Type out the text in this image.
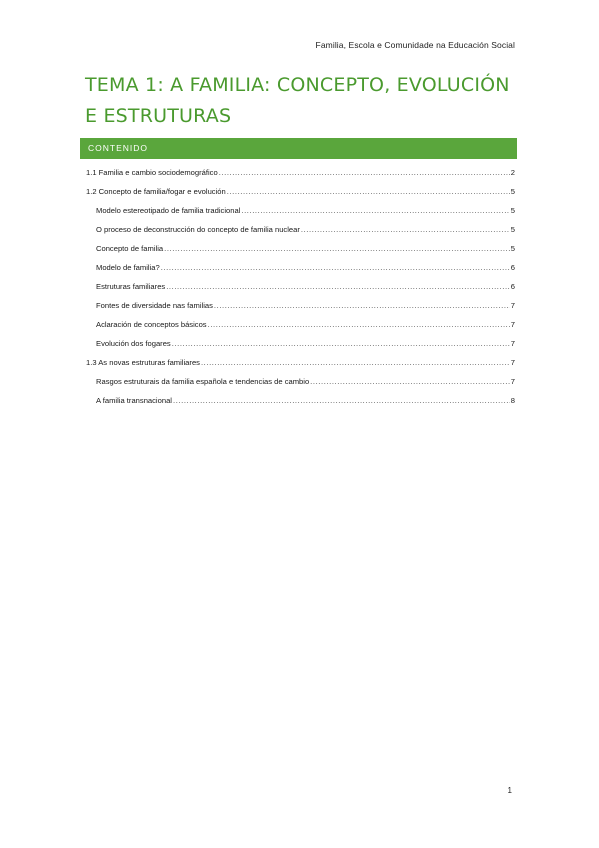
Familia, Escola e Comunidade na Educación Social
TEMA 1: A FAMILIA: CONCEPTO, EVOLUCIÓN E ESTRUTURAS
CONTENIDO
1.1 Familia e cambio sociodemográfico .....	2
1.2 Concepto de familia/fogar e evolución .....	5
Modelo estereotipado de familia tradicional .....	5
O proceso de deconstrucción do concepto de familia nuclear .....	5
Concepto de familia .....	5
Modelo de familia? .....	6
Estruturas familiares .....	6
Fontes de diversidade nas familias .....	7
Aclaración de conceptos básicos .....	7
Evolución dos fogares .....	7
1.3 As novas estruturas familiares .....	7
Rasgos estruturais da familia española e tendencias de cambio .....	7
A familia transnacional .....	8
1
